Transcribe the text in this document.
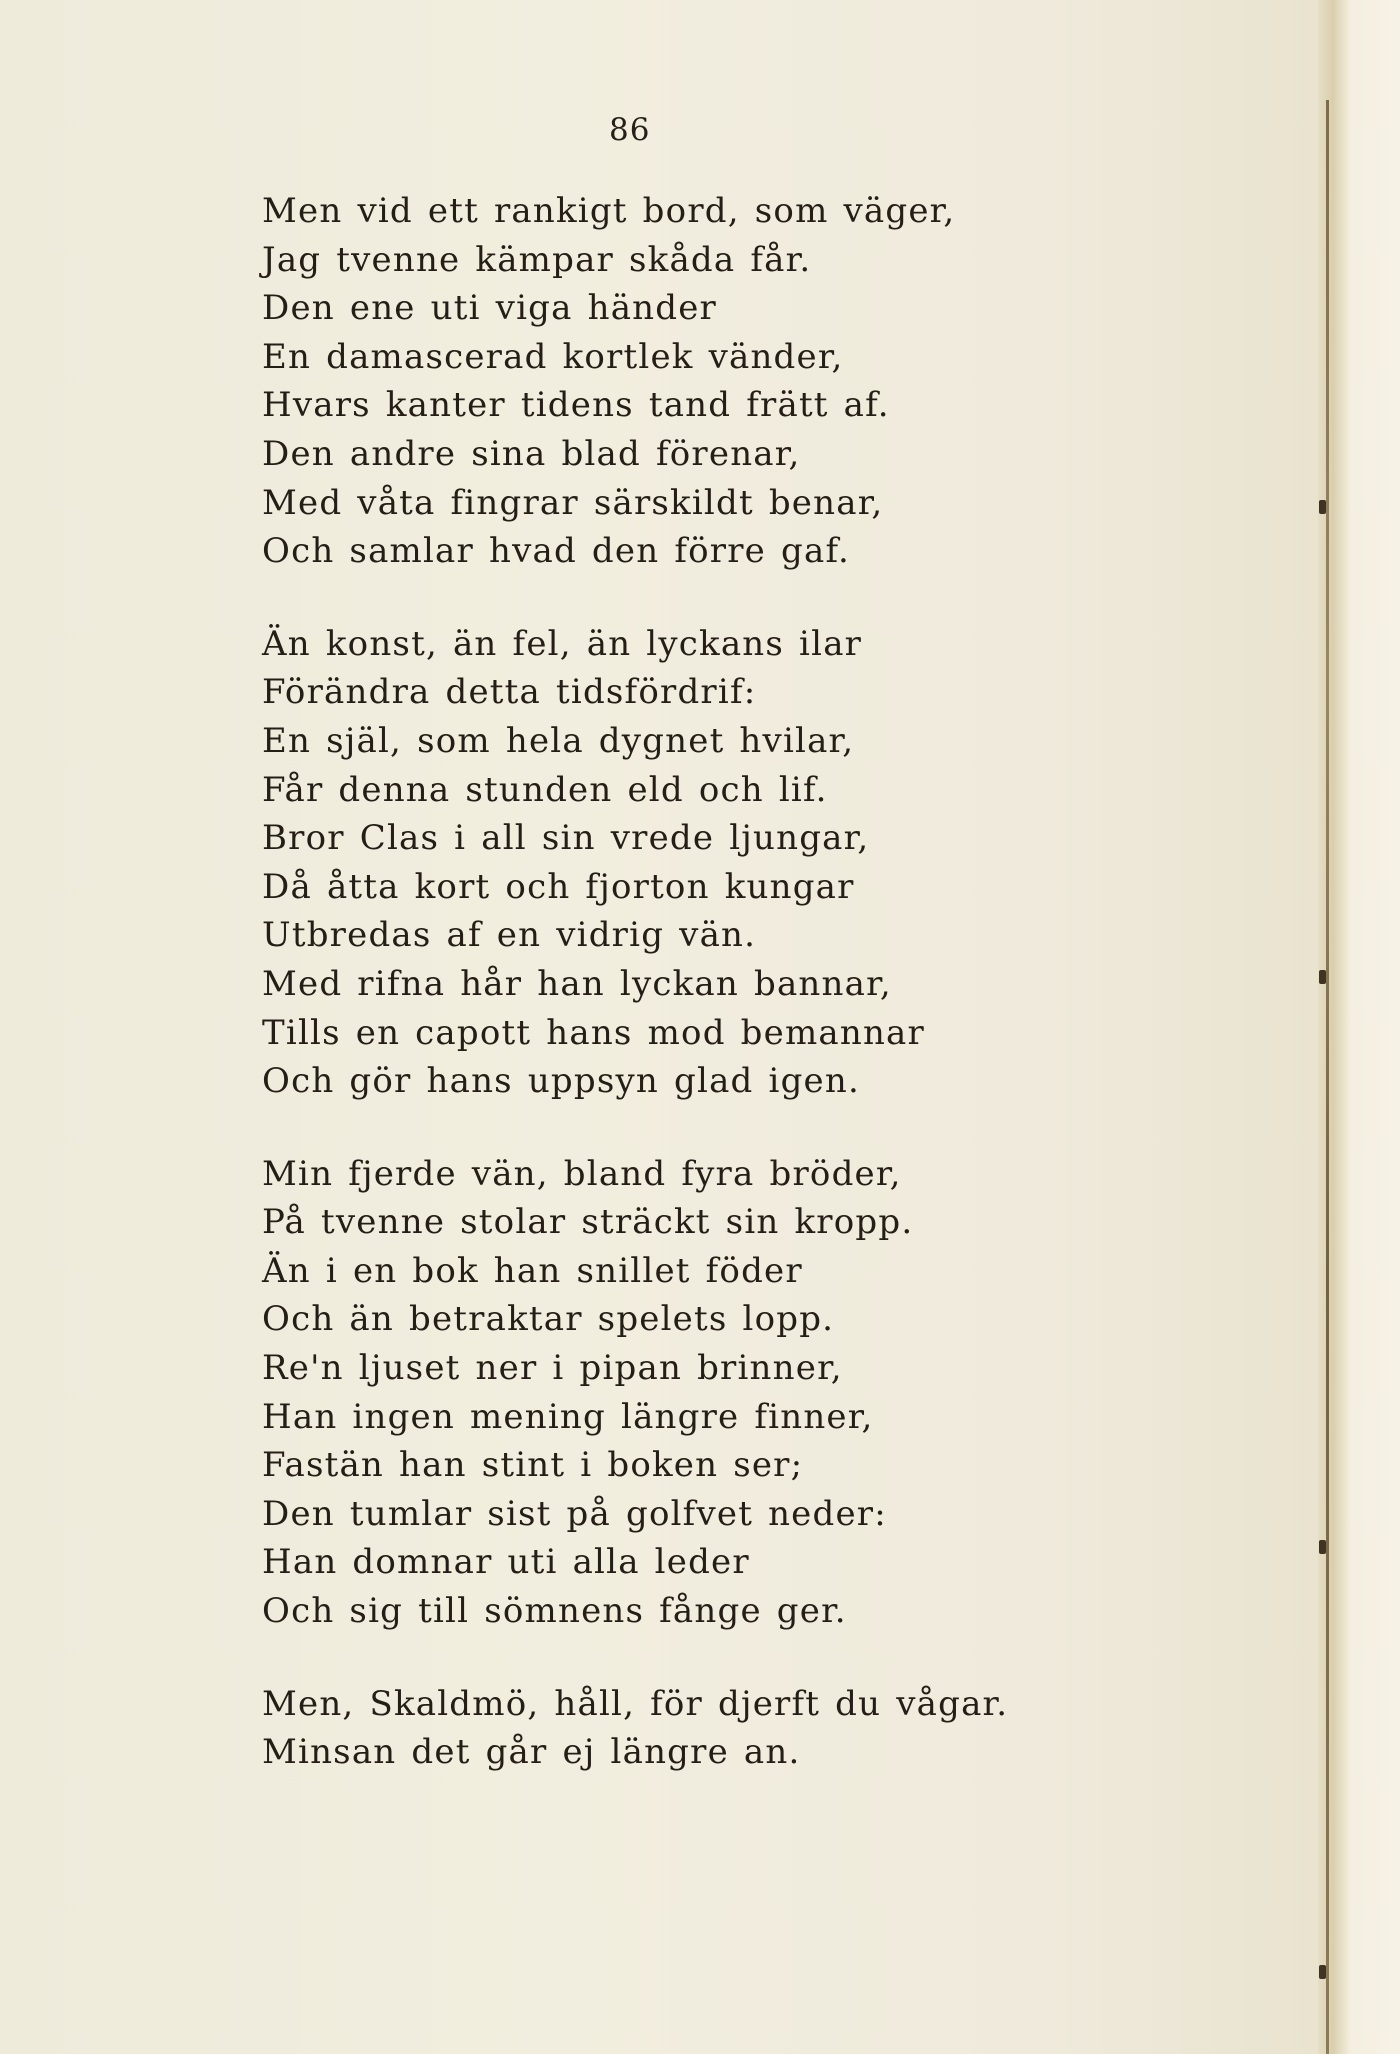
86
Men vid ett rankigt bord, som väger,
Jag tvenne kämpar skåda får.
Den ene uti viga händer
En damascerad kortlek vänder,
Hvars kanter tidens tand frätt af.
Den andre sina blad förenar,
Med våta fingrar särskildt benar,
Och samlar hvad den förre gaf.
Än konst, än fel, än lyckans ilar
Förändra detta tidsfördrif:
En själ, som hela dygnet hvilar,
Får denna stunden eld och lif.
Bror Clas i all sin vrede ljungar,
Då åtta kort och fjorton kungar
Utbredas af en vidrig vän.
Med rifna hår han lyckan bannar,
Tills en capott hans mod bemannar
Och gör hans uppsyn glad igen.
Min fjerde vän, bland fyra bröder,
På tvenne stolar sträckt sin kropp.
Än i en bok han snillet föder
Och än betraktar spelets lopp.
Re'n ljuset ner i pipan brinner,
Han ingen mening längre finner,
Fastän han stint i boken ser;
Den tumlar sist på golfvet neder:
Han domnar uti alla leder
Och sig till sömnens fånge ger.
Men, Skaldmö, håll, för djerft du vågar.
Minsan det går ej längre an.
